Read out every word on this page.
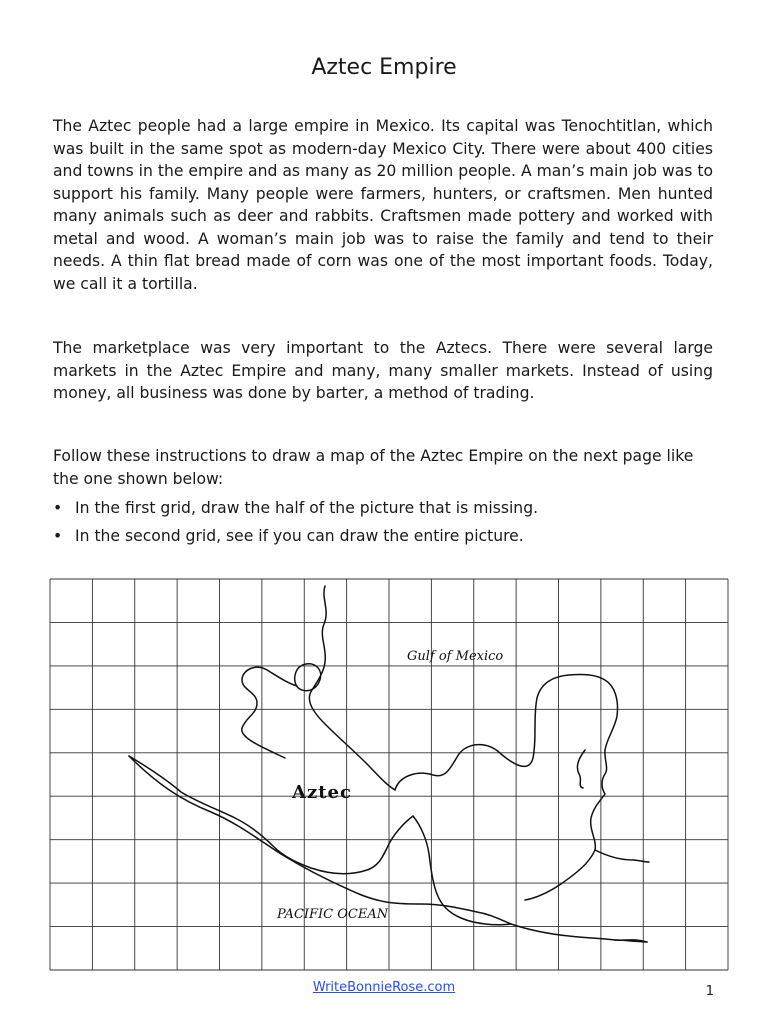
Aztec Empire

The Aztec people had a large empire in Mexico. Its capital was Tenochtitlan, which was built in the same spot as modern-day Mexico City. There were about 400 cities and towns in the empire and as many as 20 million people. A man’s main job was to support his family. Many people were farmers, hunters, or craftsmen. Men hunted many animals such as deer and rabbits. Craftsmen made pottery and worked with metal and wood. A woman’s main job was to raise the family and tend to their needs. A thin flat bread made of corn was one of the most important foods. Today, we call it a tortilla.

The marketplace was very important to the Aztecs. There were several large markets in the Aztec Empire and many, many smaller markets. Instead of using money, all business was done by barter, a method of trading.

Follow these instructions to draw a map of the Aztec Empire on the next page like the one shown below:

• In the first grid, draw the half of the picture that is missing.
• In the second grid, see if you can draw the entire picture.
Gulf of Mexico
Aztec
PACIFIC OCEAN
WriteBonnieRose.com	1
